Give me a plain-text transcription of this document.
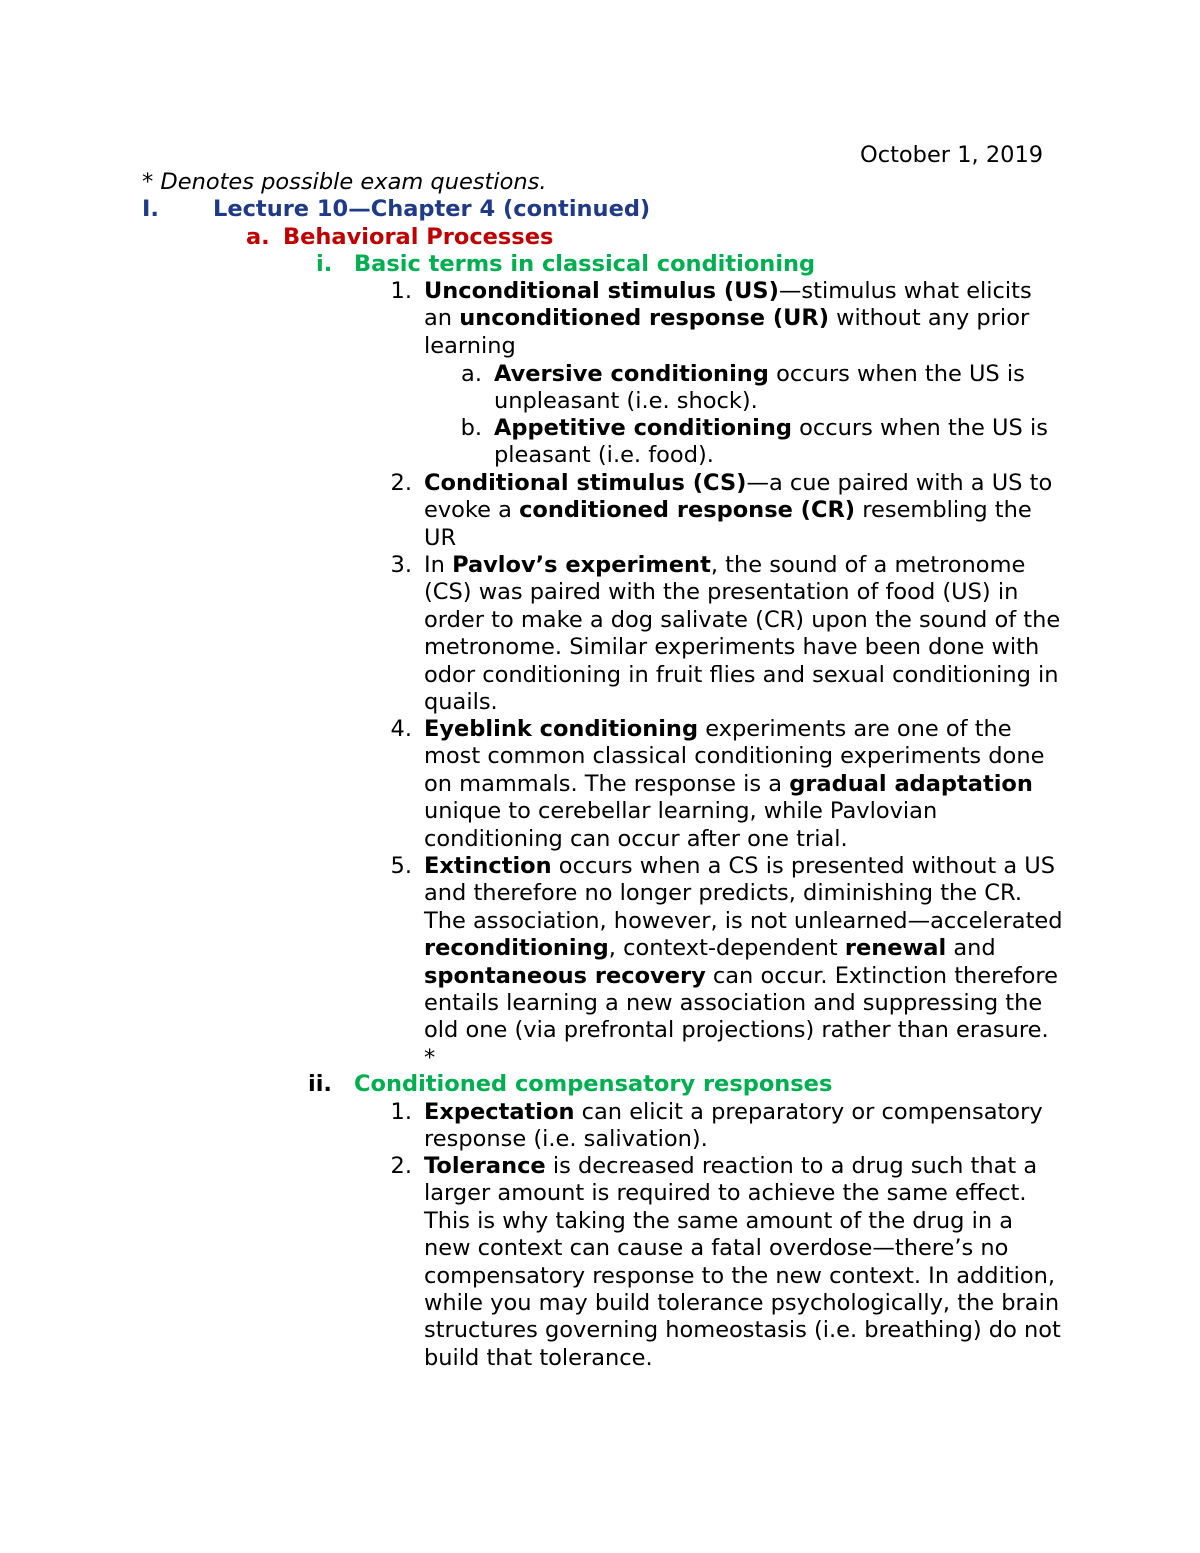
October 1, 2019
* Denotes possible exam questions.
I.	Lecture 10—Chapter 4 (continued)
a. Behavioral Processes
i. Basic terms in classical conditioning
1. Unconditional stimulus (US)—stimulus what elicits an unconditioned response (UR) without any prior learning
a. Aversive conditioning occurs when the US is unpleasant (i.e. shock).
b. Appetitive conditioning occurs when the US is pleasant (i.e. food).
2. Conditional stimulus (CS)—a cue paired with a US to evoke a conditioned response (CR) resembling the UR
3. In Pavlov’s experiment, the sound of a metronome (CS) was paired with the presentation of food (US) in order to make a dog salivate (CR) upon the sound of the metronome. Similar experiments have been done with odor conditioning in fruit flies and sexual conditioning in quails.
4. Eyeblink conditioning experiments are one of the most common classical conditioning experiments done on mammals. The response is a gradual adaptation unique to cerebellar learning, while Pavlovian conditioning can occur after one trial.
5. Extinction occurs when a CS is presented without a US and therefore no longer predicts, diminishing the CR. The association, however, is not unlearned—accelerated reconditioning, context-dependent renewal and spontaneous recovery can occur. Extinction therefore entails learning a new association and suppressing the old one (via prefrontal projections) rather than erasure. *
ii. Conditioned compensatory responses
1. Expectation can elicit a preparatory or compensatory response (i.e. salivation).
2. Tolerance is decreased reaction to a drug such that a larger amount is required to achieve the same effect. This is why taking the same amount of the drug in a new context can cause a fatal overdose—there’s no compensatory response to the new context. In addition, while you may build tolerance psychologically, the brain structures governing homeostasis (i.e. breathing) do not build that tolerance.
